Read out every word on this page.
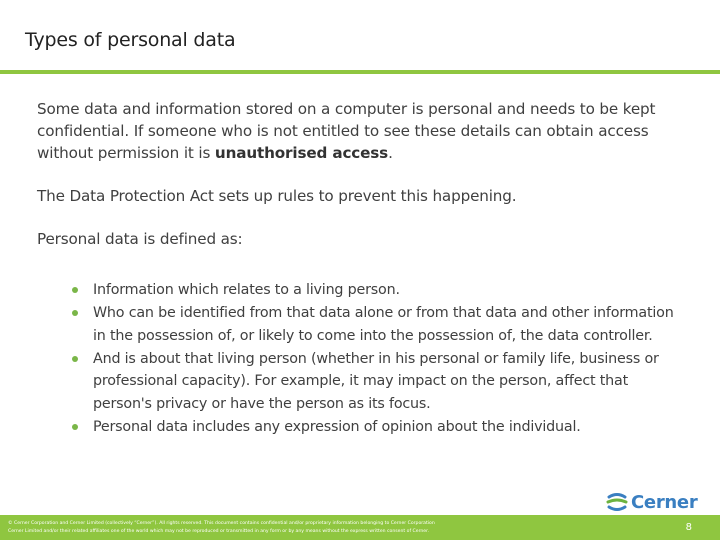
Types of personal data

Some data and information stored on a computer is personal and needs to be kept confidential. If someone who is not entitled to see these details can obtain access without permission it is unauthorised access.

The Data Protection Act sets up rules to prevent this happening.

Personal data is defined as:

Information which relates to a living person.
Who can be identified from that data alone or from that data and other information in the possession of, or likely to come into the possession of, the data controller.
And is about that living person (whether in his personal or family life, business or professional capacity). For example, it may impact on the person, affect that person's privacy or have the person as its focus.
Personal data includes any expression of opinion about the individual.
Cerner
© Cerner Corporation and Cerner Limited (collectively “Cerner”). All rights reserved. This document contains confidential and/or proprietary information belonging to Cerner Corporation
Cerner Limited and/or their related affiliates one of the world which may not be reproduced or transmitted in any form or by any means without the express written consent of Cerner.	8
